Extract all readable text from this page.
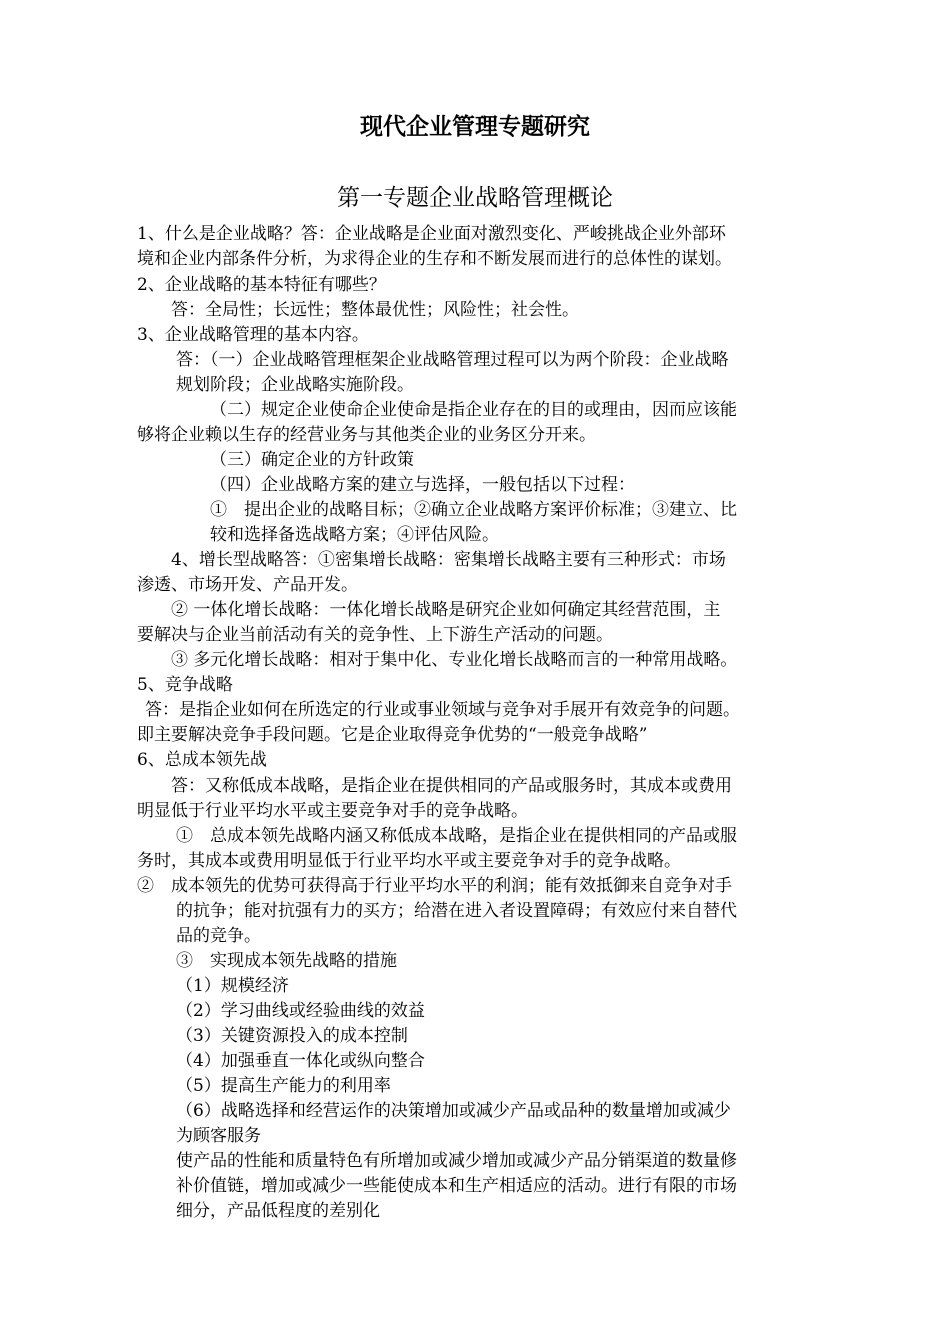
现代企业管理专题研究
第一专题企业战略管理概论

1、什么是企业战略？答：企业战略是企业面对激烈变化、严峻挑战企业外部环

境和企业内部条件分析，为求得企业的生存和不断发展而进行的总体性的谋划。

2、企业战略的基本特征有哪些？

答：全局性；长远性；整体最优性；风险性；社会性。

3、企业战略管理的基本内容。

答：（一）企业战略管理框架企业战略管理过程可以为两个阶段：企业战略

规划阶段；企业战略实施阶段。

（二）规定企业使命企业使命是指企业存在的目的或理由，因而应该能

够将企业赖以生存的经营业务与其他类企业的业务区分开来。

（三）确定企业的方针政策

（四）企业战略方案的建立与选择，一般包括以下过程：

①　提出企业的战略目标；②确立企业战略方案评价标准；③建立、比

较和选择备选战略方案；④评估风险。

4、增长型战略答：①密集增长战略：密集增长战略主要有三种形式：市场

渗透、市场开发、产品开发。

② 一体化增长战略：一体化增长战略是研究企业如何确定其经营范围，主

要解决与企业当前活动有关的竞争性、上下游生产活动的问题。

③ 多元化增长战略：相对于集中化、专业化增长战略而言的一种常用战略。

5、竞争战略

答：是指企业如何在所选定的行业或事业领域与竞争对手展开有效竞争的问题。

即主要解决竞争手段问题。它是企业取得竞争优势的“一般竞争战略”

6、总成本领先战

答：又称低成本战略，是指企业在提供相同的产品或服务时，其成本或费用

明显低于行业平均水平或主要竞争对手的竞争战略。

①　总成本领先战略内涵又称低成本战略，是指企业在提供相同的产品或服

务时，其成本或费用明显低于行业平均水平或主要竞争对手的竞争战略。

②　成本领先的优势可获得高于行业平均水平的利润；能有效抵御来自竞争对手

的抗争；能对抗强有力的买方；给潜在进入者设置障碍；有效应付来自替代

品的竞争。

③　实现成本领先战略的措施

（1）规模经济

（2）学习曲线或经验曲线的效益

（3）关键资源投入的成本控制

（4）加强垂直一体化或纵向整合

（5）提高生产能力的利用率

（6）战略选择和经营运作的决策增加或减少产品或品种的数量增加或减少

为顾客服务

使产品的性能和质量特色有所增加或减少增加或减少产品分销渠道的数量修

补价值链，增加或减少一些能使成本和生产相适应的活动。进行有限的市场

细分，产品低程度的差别化
